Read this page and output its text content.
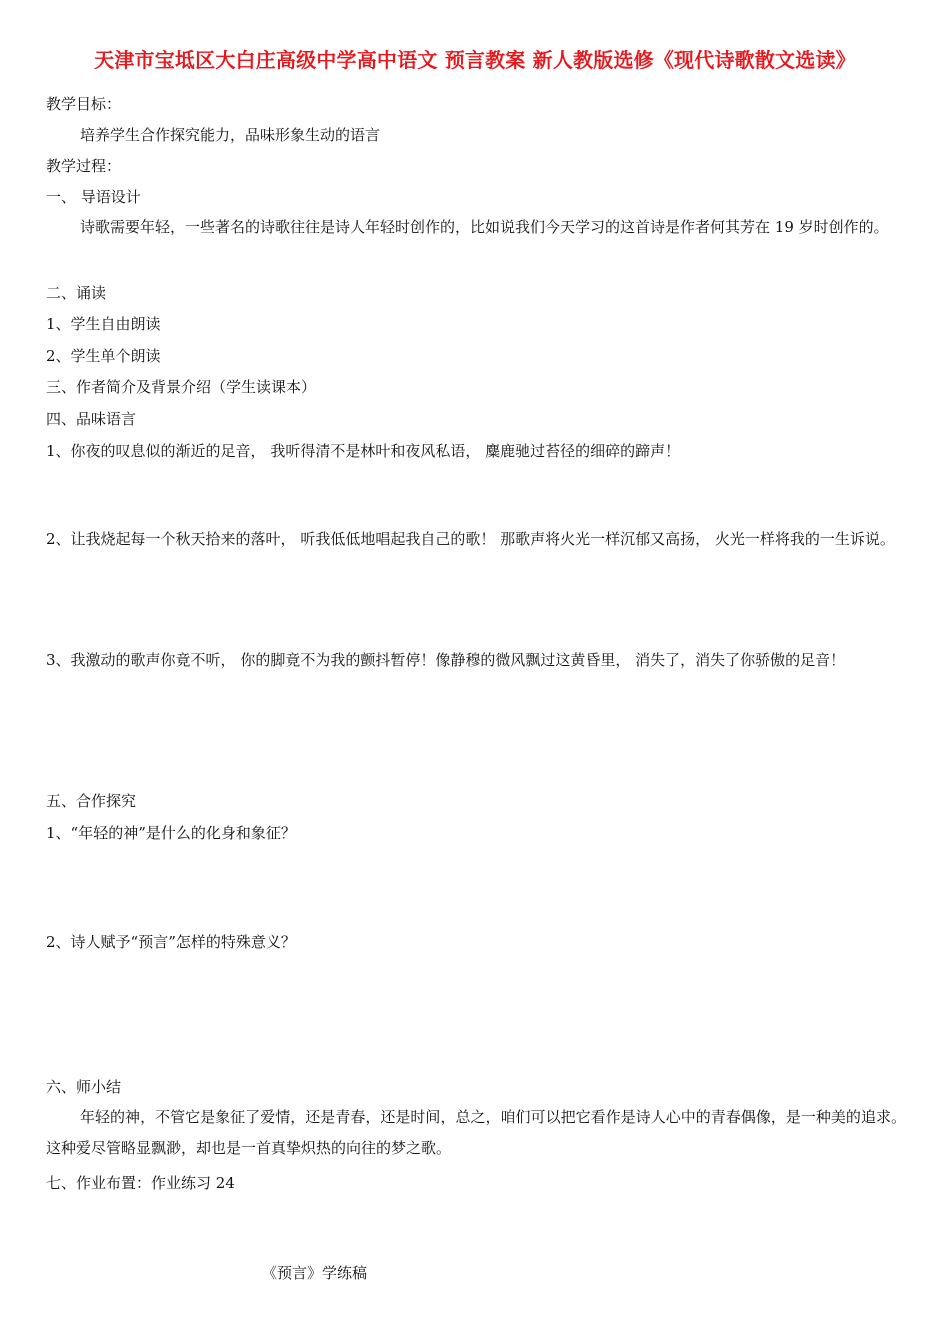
天津市宝坻区大白庄高级中学高中语文 预言教案 新人教版选修《现代诗歌散文选读》
教学目标：
培养学生合作探究能力，品味形象生动的语言
教学过程：
一、 导语设计
诗歌需要年轻，一些著名的诗歌往往是诗人年轻时创作的，比如说我们今天学习的这首诗是作者何其芳在 19 岁时创作的。
二、诵读
1、学生自由朗读
2、学生单个朗读
三、作者简介及背景介绍（学生读课本）
四、品味语言
1、你夜的叹息似的渐近的足音， 我听得清不是林叶和夜风私语， 麋鹿驰过苔径的细碎的蹄声！
2、让我烧起每一个秋天拾来的落叶， 听我低低地唱起我自己的歌！ 那歌声将火光一样沉郁又高扬， 火光一样将我的一生诉说。
3、我激动的歌声你竟不听， 你的脚竟不为我的颤抖暂停！像静穆的微风飘过这黄昏里， 消失了，消失了你骄傲的足音！
五、合作探究
1、“年轻的神”是什么的化身和象征？
2、诗人赋予“预言”怎样的特殊意义？
六、师小结
年轻的神，不管它是象征了爱情，还是青春，还是时间，总之，咱们可以把它看作是诗人心中的青春偶像，是一种美的追求。这种爱尽管略显飘渺，却也是一首真挚炽热的向往的梦之歌。
七、作业布置：作业练习 24
《预言》学练稿
